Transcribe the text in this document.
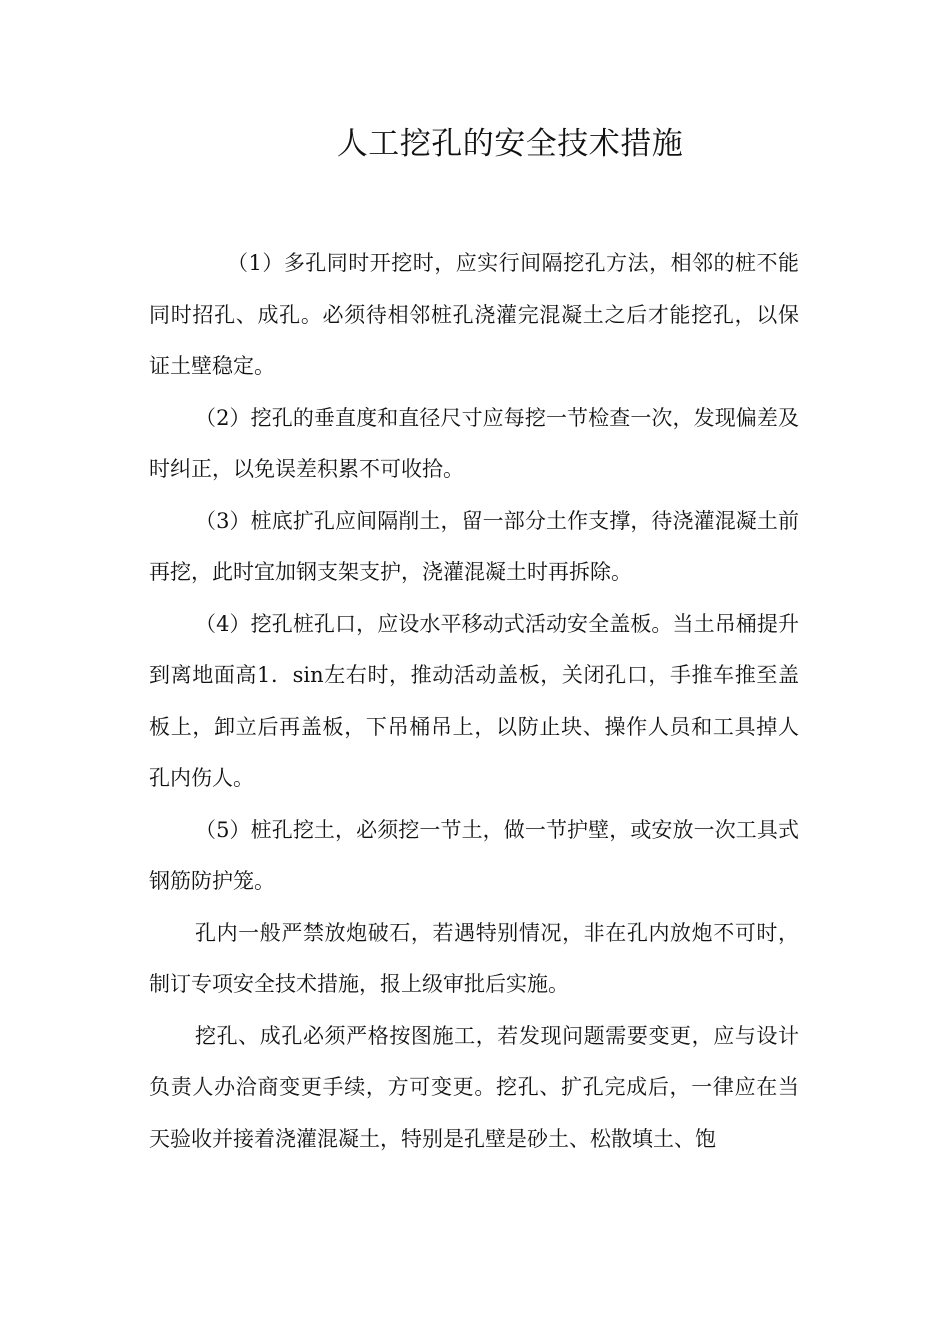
人工挖孔的安全技术措施

（1）多孔同时开挖时，应实行间隔挖孔方法，相邻的桩不能同时招孔、成孔。必须待相邻桩孔浇灌完混凝土之后才能挖孔，以保证土壁稳定。

（2）挖孔的垂直度和直径尺寸应每挖一节检查一次，发现偏差及时纠正，以免误差积累不可收拾。

（3）桩底扩孔应间隔削土，留一部分土作支撑，待浇灌混凝土前再挖，此时宜加钢支架支护，浇灌混凝土时再拆除。

（4）挖孔桩孔口，应设水平移动式活动安全盖板。当土吊桶提升到离地面高1．sin左右时，推动活动盖板，关闭孔口，手推车推至盖板上，卸立后再盖板，下吊桶吊上，以防止块、操作人员和工具掉人孔内伤人。

（5）桩孔挖土，必须挖一节土，做一节护壁，或安放一次工具式钢筋防护笼。

孔内一般严禁放炮破石，若遇特别情况，非在孔内放炮不可时，制订专项安全技术措施，报上级审批后实施。

挖孔、成孔必须严格按图施工，若发现问题需要变更，应与设计负责人办洽商变更手续，方可变更。挖孔、扩孔完成后，一律应在当天验收并接着浇灌混凝土，特别是孔壁是砂土、松散填土、饱
